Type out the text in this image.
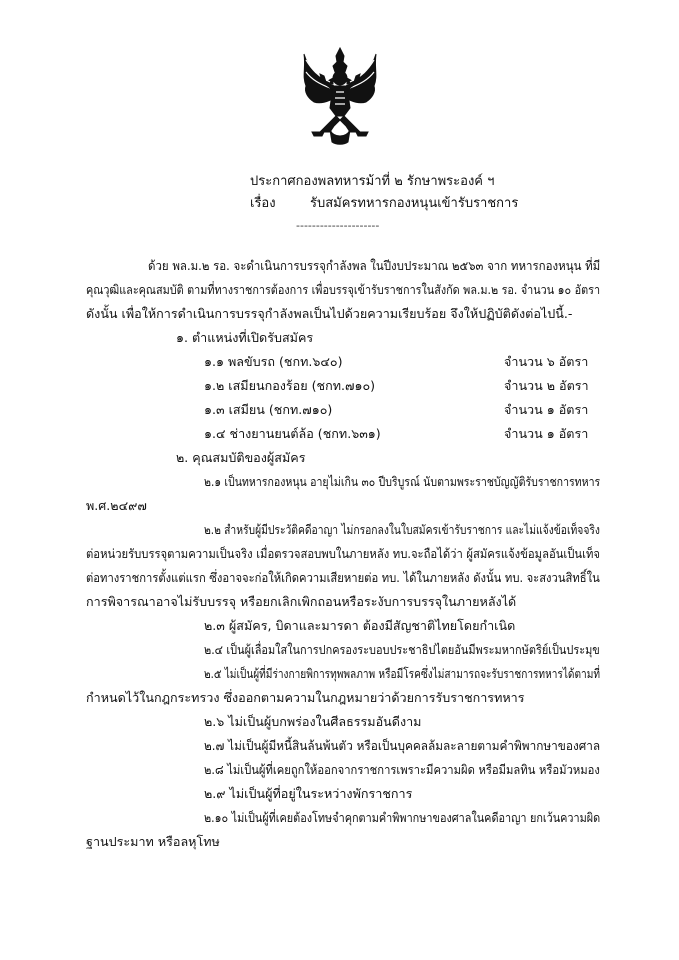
ประกาศกองพลทหารม้าที่ ๒ รักษาพระองค์ ฯ
เรื่อง	รับสมัครทหารกองหนุนเข้ารับราชการ
---------------------
ด้วย พล.ม.๒ รอ. จะดำเนินการบรรจุกำลังพล ในปีงบประมาณ ๒๕๖๓ จาก ทหารกองหนุน ที่มี
คุณวุฒิและคุณสมบัติ ตามที่ทางราชการต้องการ เพื่อบรรจุเข้ารับราชการในสังกัด พล.ม.๒ รอ. จำนวน ๑๐ อัตรา
ดังนั้น เพื่อให้การดำเนินการบรรจุกำลังพลเป็นไปด้วยความเรียบร้อย จึงให้ปฏิบัติดังต่อไปนี้.-
๑. ตำแหน่งที่เปิดรับสมัคร
๑.๑ พลขับรถ (ชกท.๖๔๐)	จำนวน ๖ อัตรา
๑.๒ เสมียนกองร้อย (ชกท.๗๑๐)	จำนวน ๒ อัตรา
๑.๓ เสมียน (ชกท.๗๑๐)	จำนวน ๑ อัตรา
๑.๔ ช่างยานยนต์ล้อ (ชกท.๖๓๑)	จำนวน ๑ อัตรา
๒. คุณสมบัติของผู้สมัคร
๒.๑ เป็นทหารกองหนุน อายุไม่เกิน ๓๐ ปีบริบูรณ์ นับตามพระราชบัญญัติรับราชการทหาร
พ.ศ.๒๔๙๗
๒.๒ สำหรับผู้มีประวัติคดีอาญา ไม่กรอกลงในใบสมัครเข้ารับราชการ และไม่แจ้งข้อเท็จจริง
ต่อหน่วยรับบรรจุตามความเป็นจริง เมื่อตรวจสอบพบในภายหลัง ทบ.จะถือได้ว่า ผู้สมัครแจ้งข้อมูลอันเป็นเท็จ
ต่อทางราชการตั้งแต่แรก ซึ่งอาจจะก่อให้เกิดความเสียหายต่อ ทบ. ได้ในภายหลัง ดังนั้น ทบ. จะสงวนสิทธิ์ใน
การพิจารณาอาจไม่รับบรรจุ หรือยกเลิกเพิกถอนหรือระงับการบรรจุในภายหลังได้
๒.๓ ผู้สมัคร, บิดาและมารดา ต้องมีสัญชาติไทยโดยกำเนิด
๒.๔ เป็นผู้เลื่อมใสในการปกครองระบอบประชาธิปไตยอันมีพระมหากษัตริย์เป็นประมุข
๒.๕ ไม่เป็นผู้ที่มีร่างกายพิการทุพพลภาพ หรือมีโรคซึ่งไม่สามารถจะรับราชการทหารได้ตามที่
กำหนดไว้ในกฎกระทรวง ซึ่งออกตามความในกฎหมายว่าด้วยการรับราชการทหาร
๒.๖ ไม่เป็นผู้บกพร่องในศีลธรรมอันดีงาม
๒.๗ ไม่เป็นผู้มีหนี้สินล้นพ้นตัว หรือเป็นบุคคลล้มละลายตามคำพิพากษาของศาล
๒.๘ ไม่เป็นผู้ที่เคยถูกให้ออกจากราชการเพราะมีความผิด หรือมีมลทิน หรือมัวหมอง
๒.๙ ไม่เป็นผู้ที่อยู่ในระหว่างพักราชการ
๒.๑๐ ไม่เป็นผู้ที่เคยต้องโทษจำคุกตามคำพิพากษาของศาลในคดีอาญา ยกเว้นความผิด
ฐานประมาท หรือลหุโทษ
